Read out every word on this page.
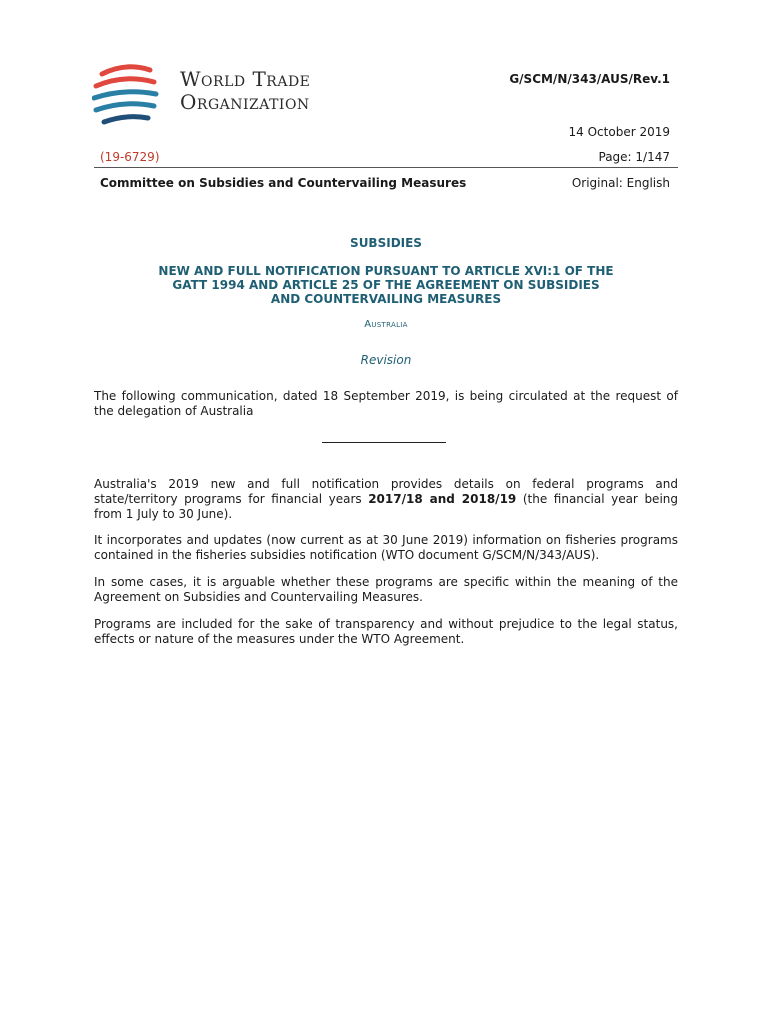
World Trade
Organization
G/SCM/N/343/AUS/Rev.1
14 October 2019
(19-6729)	Page: 1/147
Committee on Subsidies and Countervailing Measures	Original: English
SUBSIDIES
NEW AND FULL NOTIFICATION PURSUANT TO ARTICLE XVI:1 OF THE
GATT 1994 AND ARTICLE 25 OF THE AGREEMENT ON SUBSIDIES
AND COUNTERVAILING MEASURES
Australia
Revision
The following communication, dated 18 September 2019, is being circulated at the request of the delegation of Australia
Australia's 2019 new and full notification provides details on federal programs and state/territory programs for financial years 2017/18 and 2018/19 (the financial year being from 1 July to 30 June).
It incorporates and updates (now current as at 30 June 2019) information on fisheries programs contained in the fisheries subsidies notification (WTO document G/SCM/N/343/AUS).
In some cases, it is arguable whether these programs are specific within the meaning of the Agreement on Subsidies and Countervailing Measures.
Programs are included for the sake of transparency and without prejudice to the legal status, effects or nature of the measures under the WTO Agreement.
